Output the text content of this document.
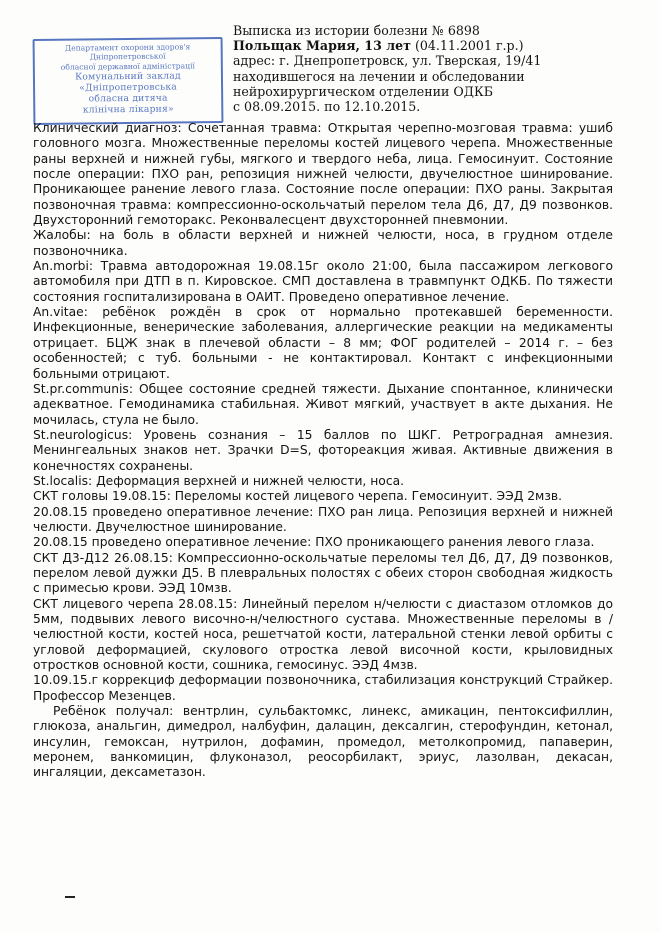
Департамент охорони здоров'я
Дніпропетровської
обласної державної адміністрації
Комунальний заклад
«Дніпропетровська
обласна дитяча
клінічна лікарня»
Выписка из истории болезни № 6898
Польщак Мария, 13 лет (04.11.2001 г.р.)
адрес: г. Днепропетровск, ул. Тверская, 19/41
находившегося на лечении и обследовании
нейрохирургическом отделении ОДКБ
с 08.09.2015. по 12.10.2015.

Клинический диагноз: Сочетанная травма: Открытая черепно-мозговая травма: ушиб головного мозга. Множественные переломы костей лицевого черепа. Множественные раны верхней и нижней губы, мягкого и твердого неба, лица. Гемосинуит. Состояние после операции: ПХО ран, репозиция нижней челюсти, двучелюстное шинирование. Проникающее ранение левого глаза. Состояние после операции: ПХО раны. Закрытая позвоночная травма: компрессионно-оскольчатый перелом тела Д6, Д7, Д9 позвонков. Двухсторонний гемоторакс. Реконвалесцент двухсторонней пневмонии.

Жалобы: на боль в области верхней и нижней челюсти, носа, в грудном отделе позвоночника.

An.morbi: Травма автодорожная 19.08.15г около 21:00, была пассажиром легкового автомобиля при ДТП в п. Кировское. СМП доставлена в травмпункт ОДКБ. По тяжести состояния госпитализирована в ОАИТ. Проведено оперативное лечение.

An.vitae: ребёнок рождён в срок от нормально протекавшей беременности. Инфекционные, венерические заболевания, аллергические реакции на медикаменты отрицает. БЦЖ знак в плечевой области – 8 мм; ФОГ родителей – 2014 г. – без особенностей; с туб. больными - не контактировал. Контакт с инфекционными больными отрицают.

St.pr.communis: Общее состояние средней тяжести. Дыхание спонтанное, клинически адекватное. Гемодинамика стабильная. Живот мягкий, участвует в акте дыхания. Не мочилась, стула не было.

St.neurologicus: Уровень сознания – 15 баллов по ШКГ. Ретроградная амнезия. Менингеальных знаков нет. Зрачки D=S, фотореакция живая. Активные движения в конечностях сохранены.

St.localis: Деформация верхней и нижней челюсти, носа.

СКТ головы 19.08.15: Переломы костей лицевого черепа. Гемосинуит. ЭЭД 2мзв.

20.08.15 проведено оперативное лечение: ПХО ран лица. Репозиция верхней и нижней челюсти. Двучелюстное шинирование.

20.08.15 проведено оперативное лечение: ПХО проникающего ранения левого глаза.

СКТ Д3-Д12 26.08.15: Компрессионно-оскольчатые переломы тел Д6, Д7, Д9 позвонков, перелом левой дужки Д5. В плевральных полостях с обеих сторон свободная жидкость с примесью крови. ЭЭД 10мзв.

СКТ лицевого черепа 28.08.15: Линейный перелом н/челюсти с диастазом отломков до 5мм, подвывих левого височно-н/челюстного сустава. Множественные переломы в /челюстной кости, костей носа, решетчатой кости, латеральной стенки левой орбиты с угловой деформацией, скулового отростка левой височной кости, крыловидных отростков основной кости, сошника, гемосинус. ЭЭД 4мзв.

10.09.15.г коррекциф деформации позвоночника, стабилизация конструкций Страйкер. Профессор Мезенцев.

Ребёнок получал: вентрлин, сульбактомкс, линекс, амикацин, пентоксифиллин, глюкоза, анальгин, димедрол, налбуфин, далацин, дексалгин, стерофундин, кетонал, инсулин, гемоксан, нутрилон, дофамин, промедол, метолкопромид, папаверин, меронем, ванкомицин, флуконазол, реосорбилакт, эриус, лазолван, декасан, ингаляции, дексаметазон.
